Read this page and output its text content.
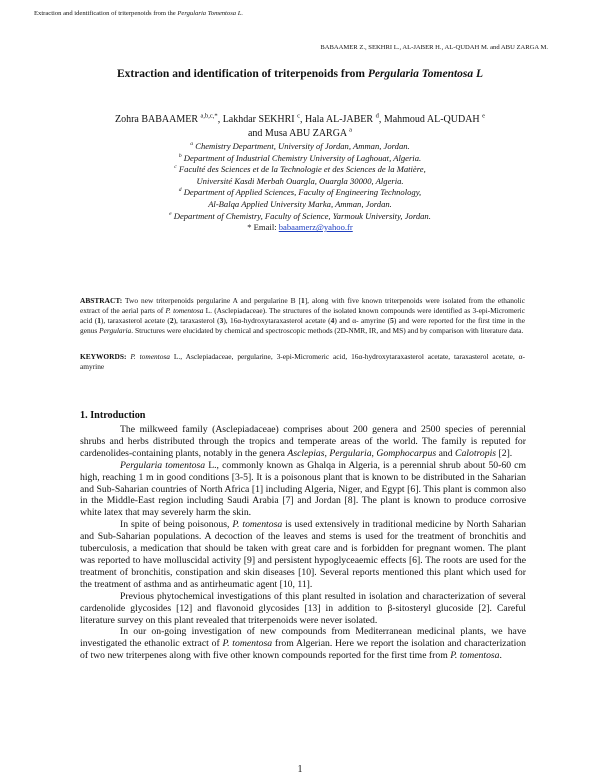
Extraction and identification of triterpenoids from the Pergularia Tomentosa L.
BABAAMER Z., SEKHRI L., AL-JABER H., AL-QUDAH M. and ABU ZARGA M.
Extraction and identification of triterpenoids from Pergularia Tomentosa L
Zohra BABAAMER $^{a,b,c,*}$, Lakhdar SEKHRI $^c$, Hala AL-JABER $^d$, Mahmoud AL-QUDAH $^e$
and Musa ABU ZARGA $^a$
$^a$ Chemistry Department, University of Jordan, Amman, Jordan.
$^b$ Department of Industrial Chemistry University of Laghouat, Algeria.
$^c$ Faculté des Sciences et de la Technologie et des Sciences de la Matière,
Université Kasdi Merbah Ouargla, Ouargla 30000, Algeria.
$^d$ Department of Applied Sciences, Faculty of Engineering Technology,
Al-Balqa Applied University Marka, Amman, Jordan.
$^e$ Department of Chemistry, Faculty of Science, Yarmouk University, Jordan.
* Email: babaamerz@yahoo.fr
ABSTRACT: Two new triterpenoids pergularine A and pergularine B [1], along with five known triterpenoids were isolated from the ethanolic extract of the aerial parts of P. tomentosa L. (Asclepiadaceae). The structures of the isolated known compounds were identified as 3-epi-Micromeric acid (1), taraxasterol acetate (2), taraxasterol (3), 16α-hydroxytaraxasterol acetate (4) and α- amyrine (5) and were reported for the first time in the genus Pergularia. Structures were elucidated by chemical and spectroscopic methods (2D-NMR, IR, and MS) and by comparison with literature data.
KEYWORDS: P. tomentosa L., Asclepiadaceae, pergularine, 3-epi-Micromeric acid, 16α-hydroxytaraxasterol acetate, taraxasterol acetate, α- amyrine
1. Introduction

The milkweed family (Asclepiadaceae) comprises about 200 genera and 2500 species of perennial shrubs and herbs distributed through the tropics and temperate areas of the world. The family is reputed for cardenolides-containing plants, notably in the genera Asclepias, Pergularia, Gomphocarpus and Calotropis [2].

Pergularia tomentosa L., commonly known as Ghalqa in Algeria, is a perennial shrub about 50-60 cm high, reaching 1 m in good conditions [3-5]. It is a poisonous plant that is known to be distributed in the Saharian and Sub-Saharian countries of North Africa [1] including Algeria, Niger, and Egypt [6]. This plant is common also in the Middle-East region including Saudi Arabia [7] and Jordan [8]. The plant is known to produce corrosive white latex that may severely harm the skin.

In spite of being poisonous, P. tomentosa is used extensively in traditional medicine by North Saharian and Sub-Saharian populations. A decoction of the leaves and stems is used for the treatment of bronchitis and tuberculosis, a medication that should be taken with great care and is forbidden for pregnant women. The plant was reported to have molluscidal activity [9] and persistent hypoglyceaemic effects [6]. The roots are used for the treatment of bronchitis, constipation and skin diseases [10]. Several reports mentioned this plant which used for the treatment of asthma and as antirheumatic agent [10, 11].

Previous phytochemical investigations of this plant resulted in isolation and characterization of several cardenolide glycosides [12] and flavonoid glycosides [13] in addition to β-sitosteryl glucoside [2]. Careful literature survey on this plant revealed that triterpenoids were never isolated.

In our on-going investigation of new compounds from Mediterranean medicinal plants, we have investigated the ethanolic extract of P. tomentosa from Algerian. Here we report the isolation and characterization of two new triterpenes along with five other known compounds reported for the first time from P. tomentosa.

1
